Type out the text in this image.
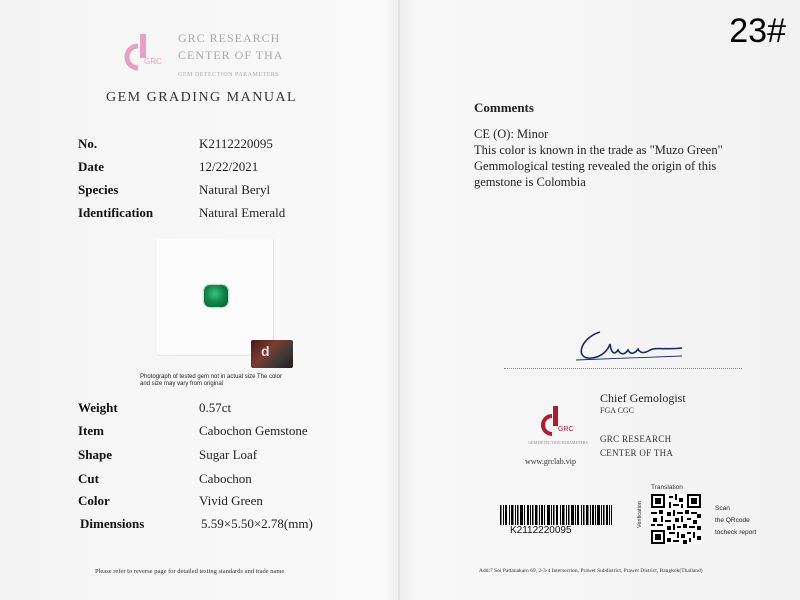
23#
GRC
GRC RESEARCH
CENTER OF THA
GEM DETECTION PARAMETERS
GEM GRADING MANUAL
No.	K2112220095
Date	12/22/2021
Species	Natural Beryl
Identification	Natural Emerald
d
Photograph of tested gem not in actual size The color and size may vary from original
Weight	0.57ct
Item	Cabochon Gemstone
Shape	Sugar Loaf
Cut	Cabochon
Color	Vivid Green
Dimensions	5.59×5.50×2.78(mm)
Please refer to reverse page for detailed testing standards and trade name
Comments
CE (O): Minor
This color is known in the trade as "Muzo Green"
Gemmological testing revealed the origin of this
gemstone is Colombia
GRC
GEM DETECTION PARAMETERS
www.grclab.vip
Chief Gemologist
FGA CGC
GRC RESEARCH
CENTER OF THA
K2112220095
Translation
Verification	Scan
the QRcode
tocheck report
Add:7 Soi Pattanakarn 69, 2-3-4 Intersection, Prawet Subdistrict, Prawet District, Bangkok(Thailand)
